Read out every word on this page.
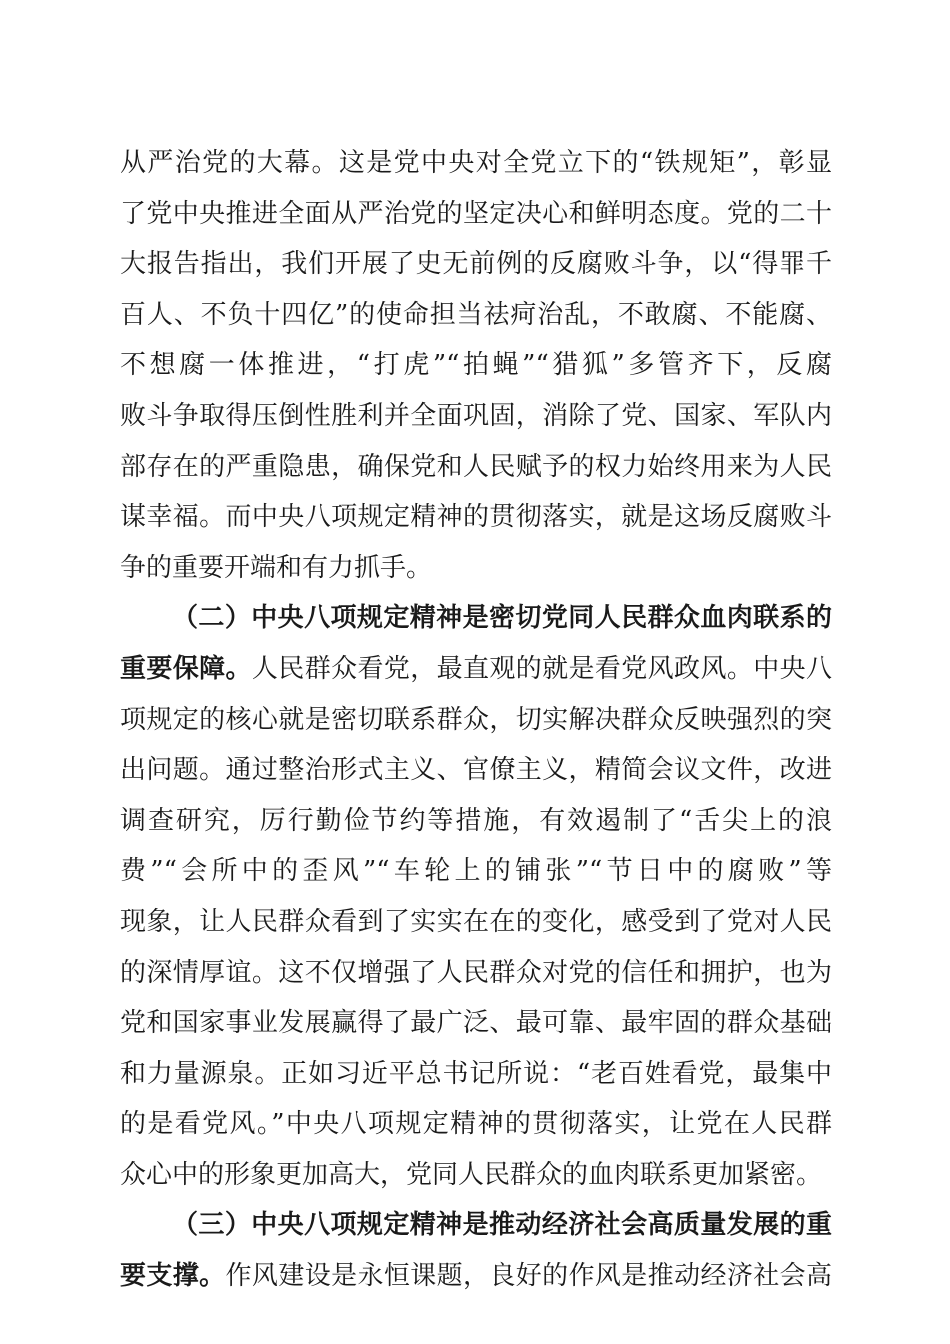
从严治党的大幕。这是党中央对全党立下的“铁规矩”，彰显
了党中央推进全面从严治党的坚定决心和鲜明态度。党的二十
大报告指出，我们开展了史无前例的反腐败斗争，以“得罪千
百人、不负十四亿”的使命担当祛疴治乱，不敢腐、不能腐、
不想腐一体推进，“打虎”“拍蝇”“猎狐”多管齐下，反腐
败斗争取得压倒性胜利并全面巩固，消除了党、国家、军队内
部存在的严重隐患，确保党和人民赋予的权力始终用来为人民
谋幸福。而中央八项规定精神的贯彻落实，就是这场反腐败斗
争的重要开端和有力抓手。
（二）中央八项规定精神是密切党同人民群众血肉联系的
重要保障。人民群众看党，最直观的就是看党风政风。中央八
项规定的核心就是密切联系群众，切实解决群众反映强烈的突
出问题。通过整治形式主义、官僚主义，精简会议文件，改进
调查研究，厉行勤俭节约等措施，有效遏制了“舌尖上的浪
费”“会所中的歪风”“车轮上的铺张”“节日中的腐败”等
现象，让人民群众看到了实实在在的变化，感受到了党对人民
的深情厚谊。这不仅增强了人民群众对党的信任和拥护，也为
党和国家事业发展赢得了最广泛、最可靠、最牢固的群众基础
和力量源泉。正如习近平总书记所说：“老百姓看党，最集中
的是看党风。”中央八项规定精神的贯彻落实，让党在人民群
众心中的形象更加高大，党同人民群众的血肉联系更加紧密。
（三）中央八项规定精神是推动经济社会高质量发展的重
要支撑。作风建设是永恒课题，良好的作风是推动经济社会高
